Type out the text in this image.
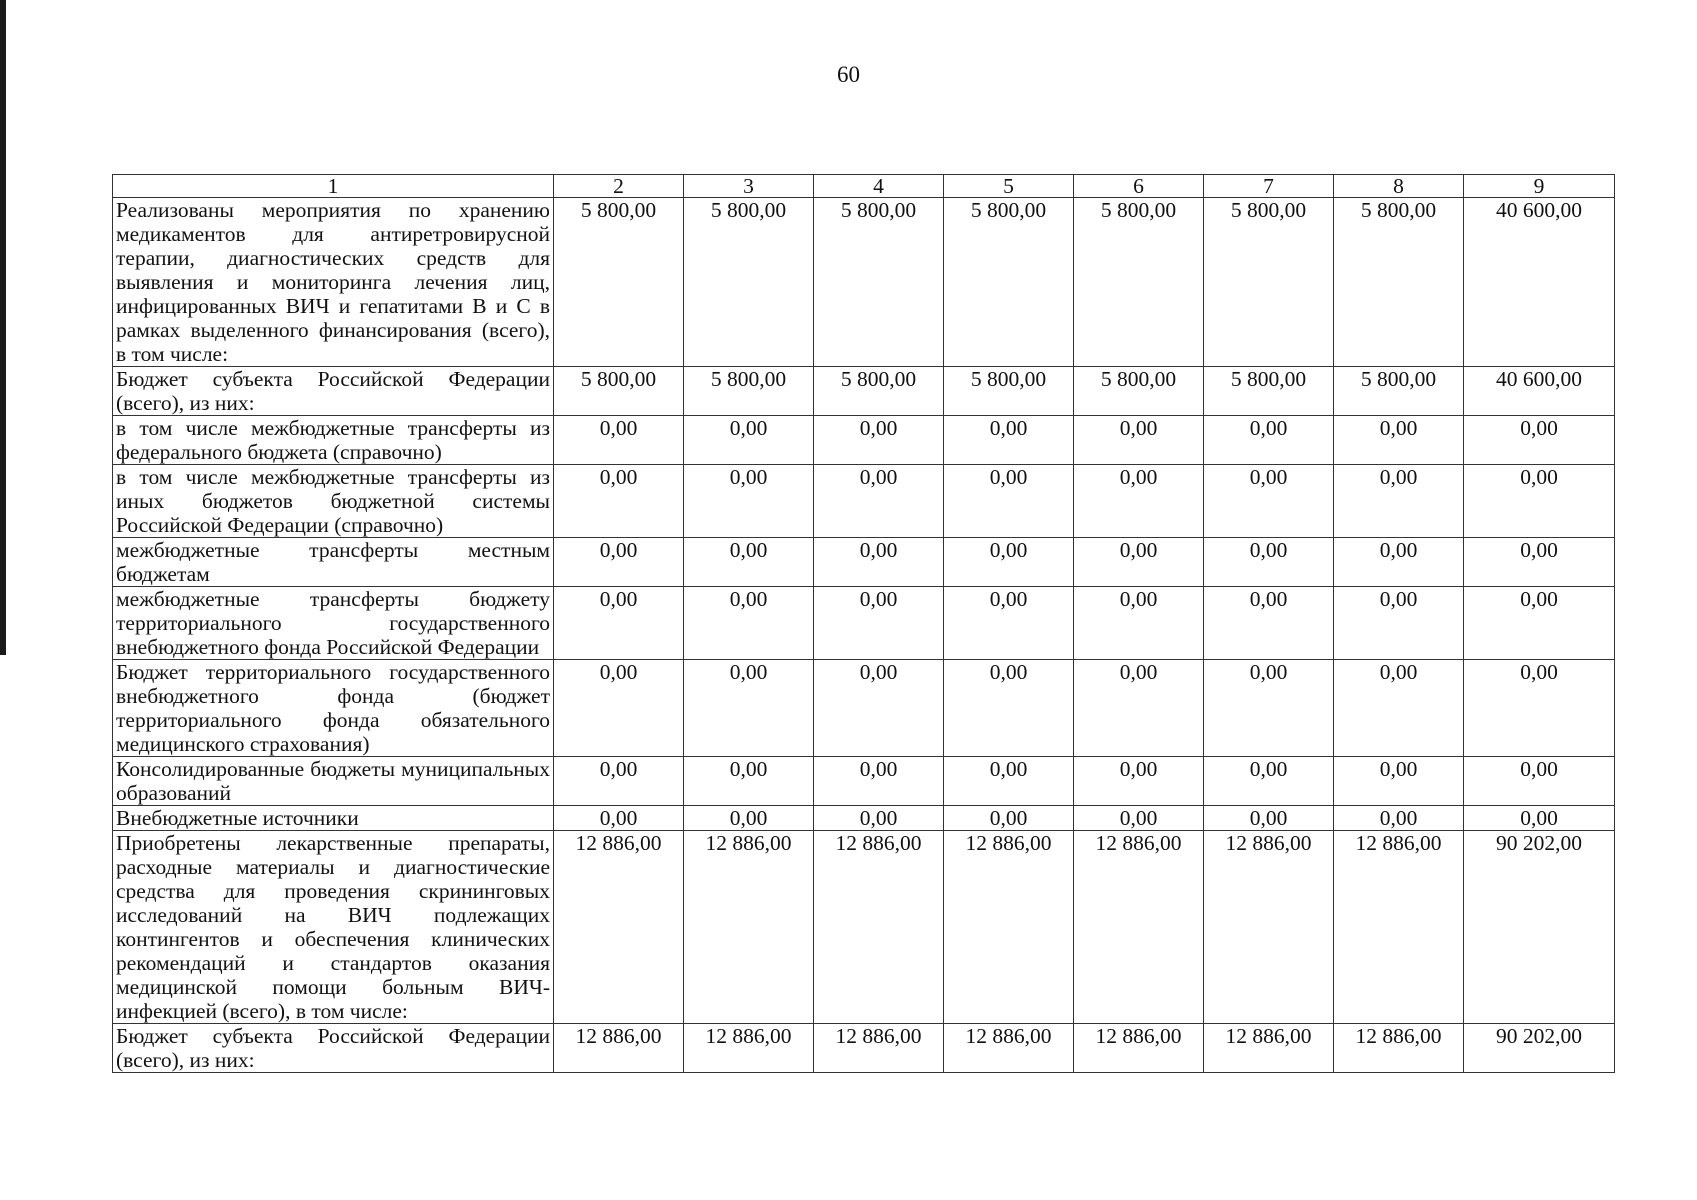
60
1	2	3	4	5	6	7	8	9
Реализованы мероприятия по хранению медикаментов для антиретровирусной терапии, диагностических средств для выявления и мониторинга лечения лиц, инфицированных ВИЧ и гепатитами В и С в рамках выделенного финансирования (всего), в том числе:	5 800,00	5 800,00	5 800,00	5 800,00	5 800,00	5 800,00	5 800,00	40 600,00
Бюджет субъекта Российской Федерации (всего), из них:	5 800,00	5 800,00	5 800,00	5 800,00	5 800,00	5 800,00	5 800,00	40 600,00
в том числе межбюджетные трансферты из федерального бюджета (справочно)	0,00	0,00	0,00	0,00	0,00	0,00	0,00	0,00
в том числе межбюджетные трансферты из иных бюджетов бюджетной системы Российской Федерации (справочно)	0,00	0,00	0,00	0,00	0,00	0,00	0,00	0,00
межбюджетные трансферты местным бюджетам	0,00	0,00	0,00	0,00	0,00	0,00	0,00	0,00
межбюджетные трансферты бюджету территориального государственного внебюджетного фонда Российской Федерации	0,00	0,00	0,00	0,00	0,00	0,00	0,00	0,00
Бюджет территориального государственного внебюджетного фонда (бюджет территориального фонда обязательного медицинского страхования)	0,00	0,00	0,00	0,00	0,00	0,00	0,00	0,00
Консолидированные бюджеты муниципальных образований	0,00	0,00	0,00	0,00	0,00	0,00	0,00	0,00
Внебюджетные источники	0,00	0,00	0,00	0,00	0,00	0,00	0,00	0,00
Приобретены лекарственные препараты, расходные материалы и диагностические средства для проведения скрининговых исследований на ВИЧ подлежащих контингентов и обеспечения клинических рекомендаций и стандартов оказания медицинской помощи больным ВИЧ-инфекцией (всего), в том числе:	12 886,00	12 886,00	12 886,00	12 886,00	12 886,00	12 886,00	12 886,00	90 202,00
Бюджет субъекта Российской Федерации (всего), из них:	12 886,00	12 886,00	12 886,00	12 886,00	12 886,00	12 886,00	12 886,00	90 202,00
